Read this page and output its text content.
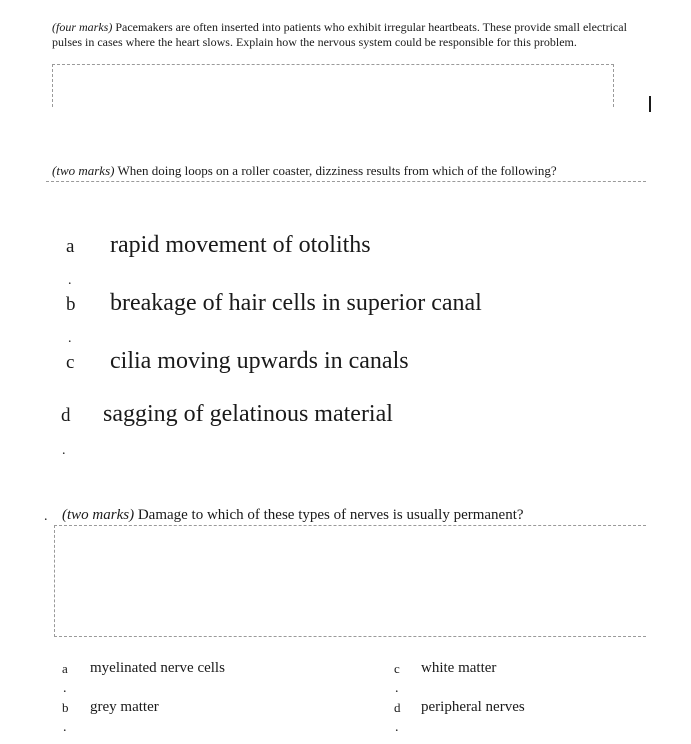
(four marks) Pacemakers are often inserted into patients who exhibit irregular heartbeats. These provide small electrical pulses in cases where the heart slows. Explain how the nervous system could be responsible for this problem.
(two marks) When doing loops on a roller coaster, dizziness results from which of the following?
a rapid movement of otoliths
.
b breakage of hair cells in superior canal
.
c cilia moving upwards in canals
d sagging of gelatinous material
.
. (two marks) Damage to which of these types of nerves is usually permanent?
a myelinated nerve cells
.
b grey matter
.
c white matter
.
d peripheral nerves
.
